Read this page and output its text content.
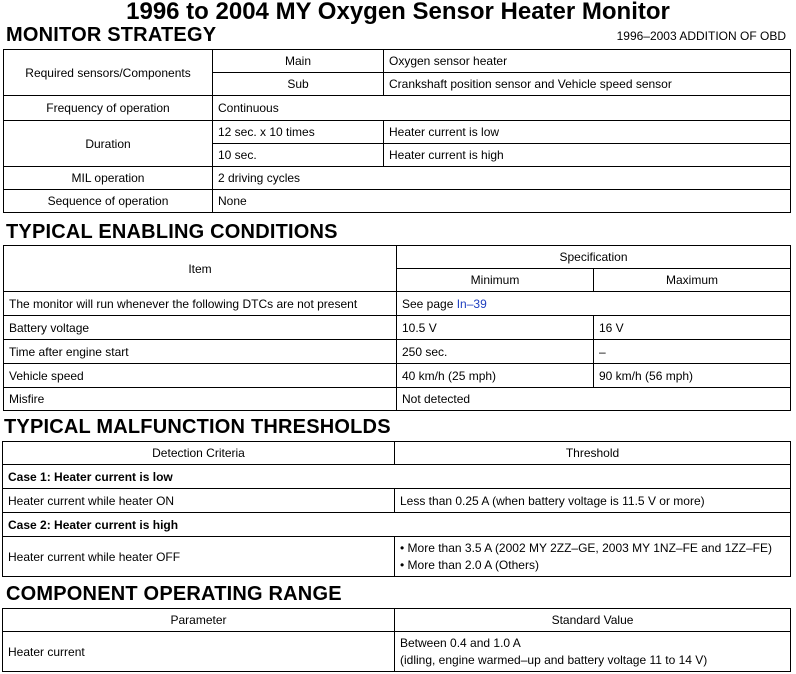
1996 to 2004 MY Oxygen Sensor Heater Monitor
MONITOR STRATEGY	1996–2003 ADDITION OF OBD
Required sensors/Components	Main	Oxygen sensor heater
	Sub	Crankshaft position sensor and Vehicle speed sensor
Frequency of operation	Continuous	
Duration	12 sec. x 10 times	Heater current is low
	10 sec.	Heater current is high
MIL operation	2 driving cycles	
Sequence of operation	None	
TYPICAL ENABLING CONDITIONS
Item	Specification	
	Minimum	Maximum
The monitor will run whenever the following DTCs are not present	See page In–39	
Battery voltage	10.5 V	16 V
Time after engine start	250 sec.	–
Vehicle speed	40 km/h (25 mph)	90 km/h (56 mph)
Misfire	Not detected	
TYPICAL MALFUNCTION THRESHOLDS
Detection Criteria	Threshold
Case 1: Heater current is low	
Heater current while heater ON	Less than 0.25 A (when battery voltage is 11.5 V or more)
Case 2: Heater current is high	
Heater current while heater OFF	• More than 3.5 A (2002 MY 2ZZ–GE, 2003 MY 1NZ–FE and 1ZZ–FE)
• More than 2.0 A (Others)
COMPONENT OPERATING RANGE
Parameter	Standard Value
Heater current	Between 0.4 and 1.0 A
(idling, engine warmed–up and battery voltage 11 to 14 V)
